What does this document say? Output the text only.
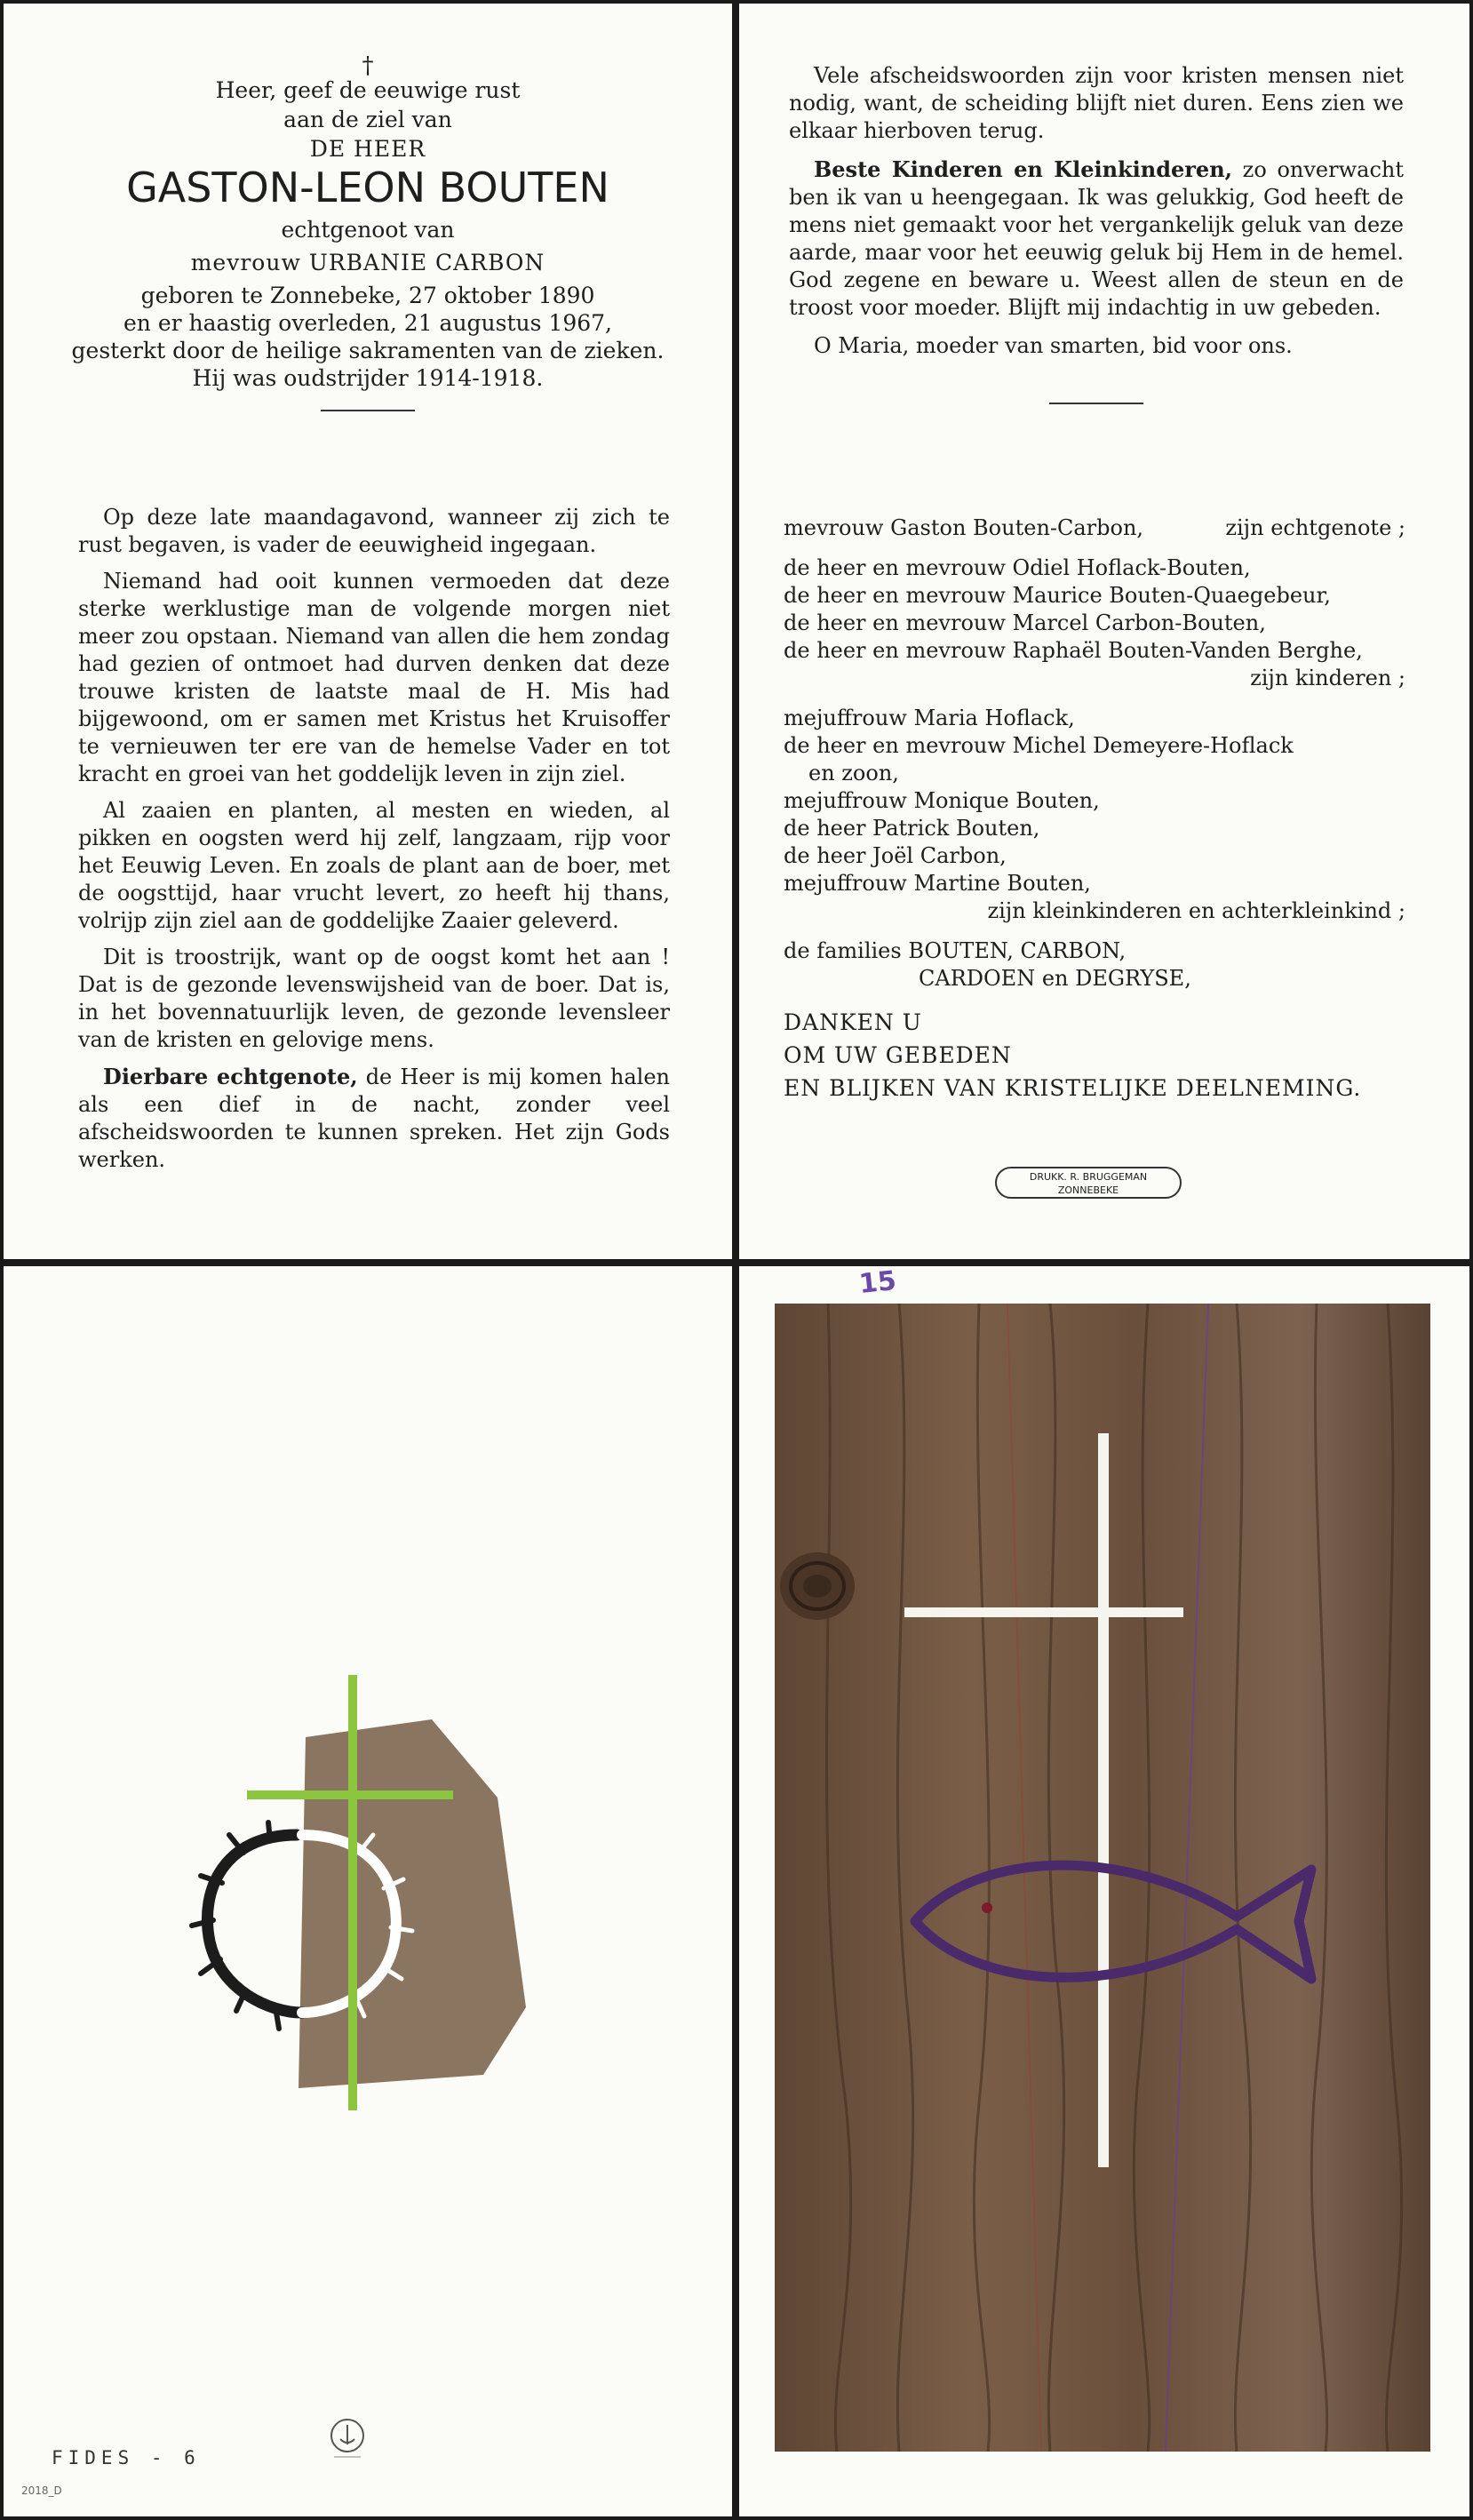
†
Heer, geef de eeuwige rust
aan de ziel van
DE HEER
GASTON-LEON BOUTEN
echtgenoot van
mevrouw URBANIE CARBON
geboren te Zonnebeke, 27 oktober 1890
en er haastig overleden, 21 augustus 1967,
gesterkt door de heilige sakramenten van de zieken.
Hij was oudstrijder 1914-1918.

Op deze late maandagavond, wanneer zij zich te rust begaven, is vader de eeuwigheid ingegaan.

Niemand had ooit kunnen vermoeden dat deze sterke werklustige man de volgende morgen niet meer zou opstaan. Niemand van allen die hem zondag had gezien of ontmoet had durven denken dat deze trouwe kristen de laatste maal de H. Mis had bijgewoond, om er samen met Kristus het Kruisoffer te vernieuwen ter ere van de hemelse Vader en tot kracht en groei van het goddelijk leven in zijn ziel.

Al zaaien en planten, al mesten en wieden, al pikken en oogsten werd hij zelf, langzaam, rijp voor het Eeuwig Leven. En zoals de plant aan de boer, met de oogsttijd, haar vrucht levert, zo heeft hij thans, volrijp zijn ziel aan de goddelijke Zaaier geleverd.

Dit is troostrijk, want op de oogst komt het aan ! Dat is de gezonde levenswijsheid van de boer. Dat is, in het bovennatuurlijk leven, de gezonde levensleer van de kristen en gelovige mens.

Dierbare echtgenote, de Heer is mij komen halen als een dief in de nacht, zonder veel afscheidswoorden te kunnen spreken. Het zijn Gods werken.

Vele afscheidswoorden zijn voor kristen mensen niet nodig, want, de scheiding blijft niet duren. Eens zien we elkaar hierboven terug.

Beste Kinderen en Kleinkinderen, zo onverwacht ben ik van u heengegaan. Ik was gelukkig, God heeft de mens niet gemaakt voor het vergankelijk geluk van deze aarde, maar voor het eeuwig geluk bij Hem in de hemel. God zegene en beware u. Weest allen de steun en de troost voor moeder. Blijft mij indachtig in uw gebeden.

O Maria, moeder van smarten, bid voor ons.

mevrouw Gaston Bouten-Carbon,	zijn echtgenote ;
de heer en mevrouw Odiel Hoflack-Bouten,
de heer en mevrouw Maurice Bouten-Quaegebeur,
de heer en mevrouw Marcel Carbon-Bouten,
de heer en mevrouw Raphaël Bouten-Vanden Berghe,
zijn kinderen ;
mejuffrouw Maria Hoflack,
de heer en mevrouw Michel Demeyere-Hoflack
en zoon,
mejuffrouw Monique Bouten,
de heer Patrick Bouten,
de heer Joël Carbon,
mejuffrouw Martine Bouten,
zijn kleinkinderen en achterkleinkind ;
de families BOUTEN, CARBON,
CARDOEN en DEGRYSE,
DANKEN U
OM UW GEBEDEN
EN BLIJKEN VAN KRISTELIJKE DEELNEMING.
DRUKK. R. BRUGGEMAN
ZONNEBEKE
FIDES - 6
2018_D
15
